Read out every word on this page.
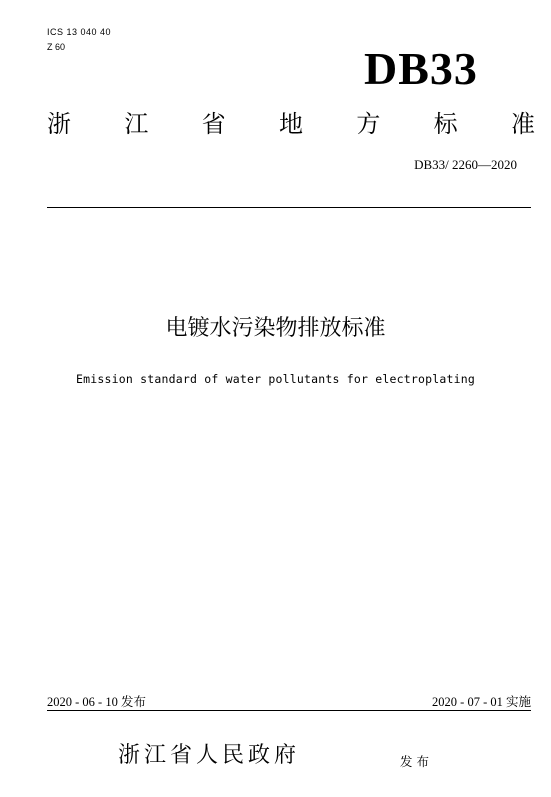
ICS 13 040 40
Z 60	DB33
浙 江 省 地 方 标 准
DB33/ 2260—2020
电镀水污染物排放标准
Emission standard of water pollutants for electroplating
2020 - 06 - 10 发布	2020 - 07 - 01 实施
浙江省人民政府	发布
